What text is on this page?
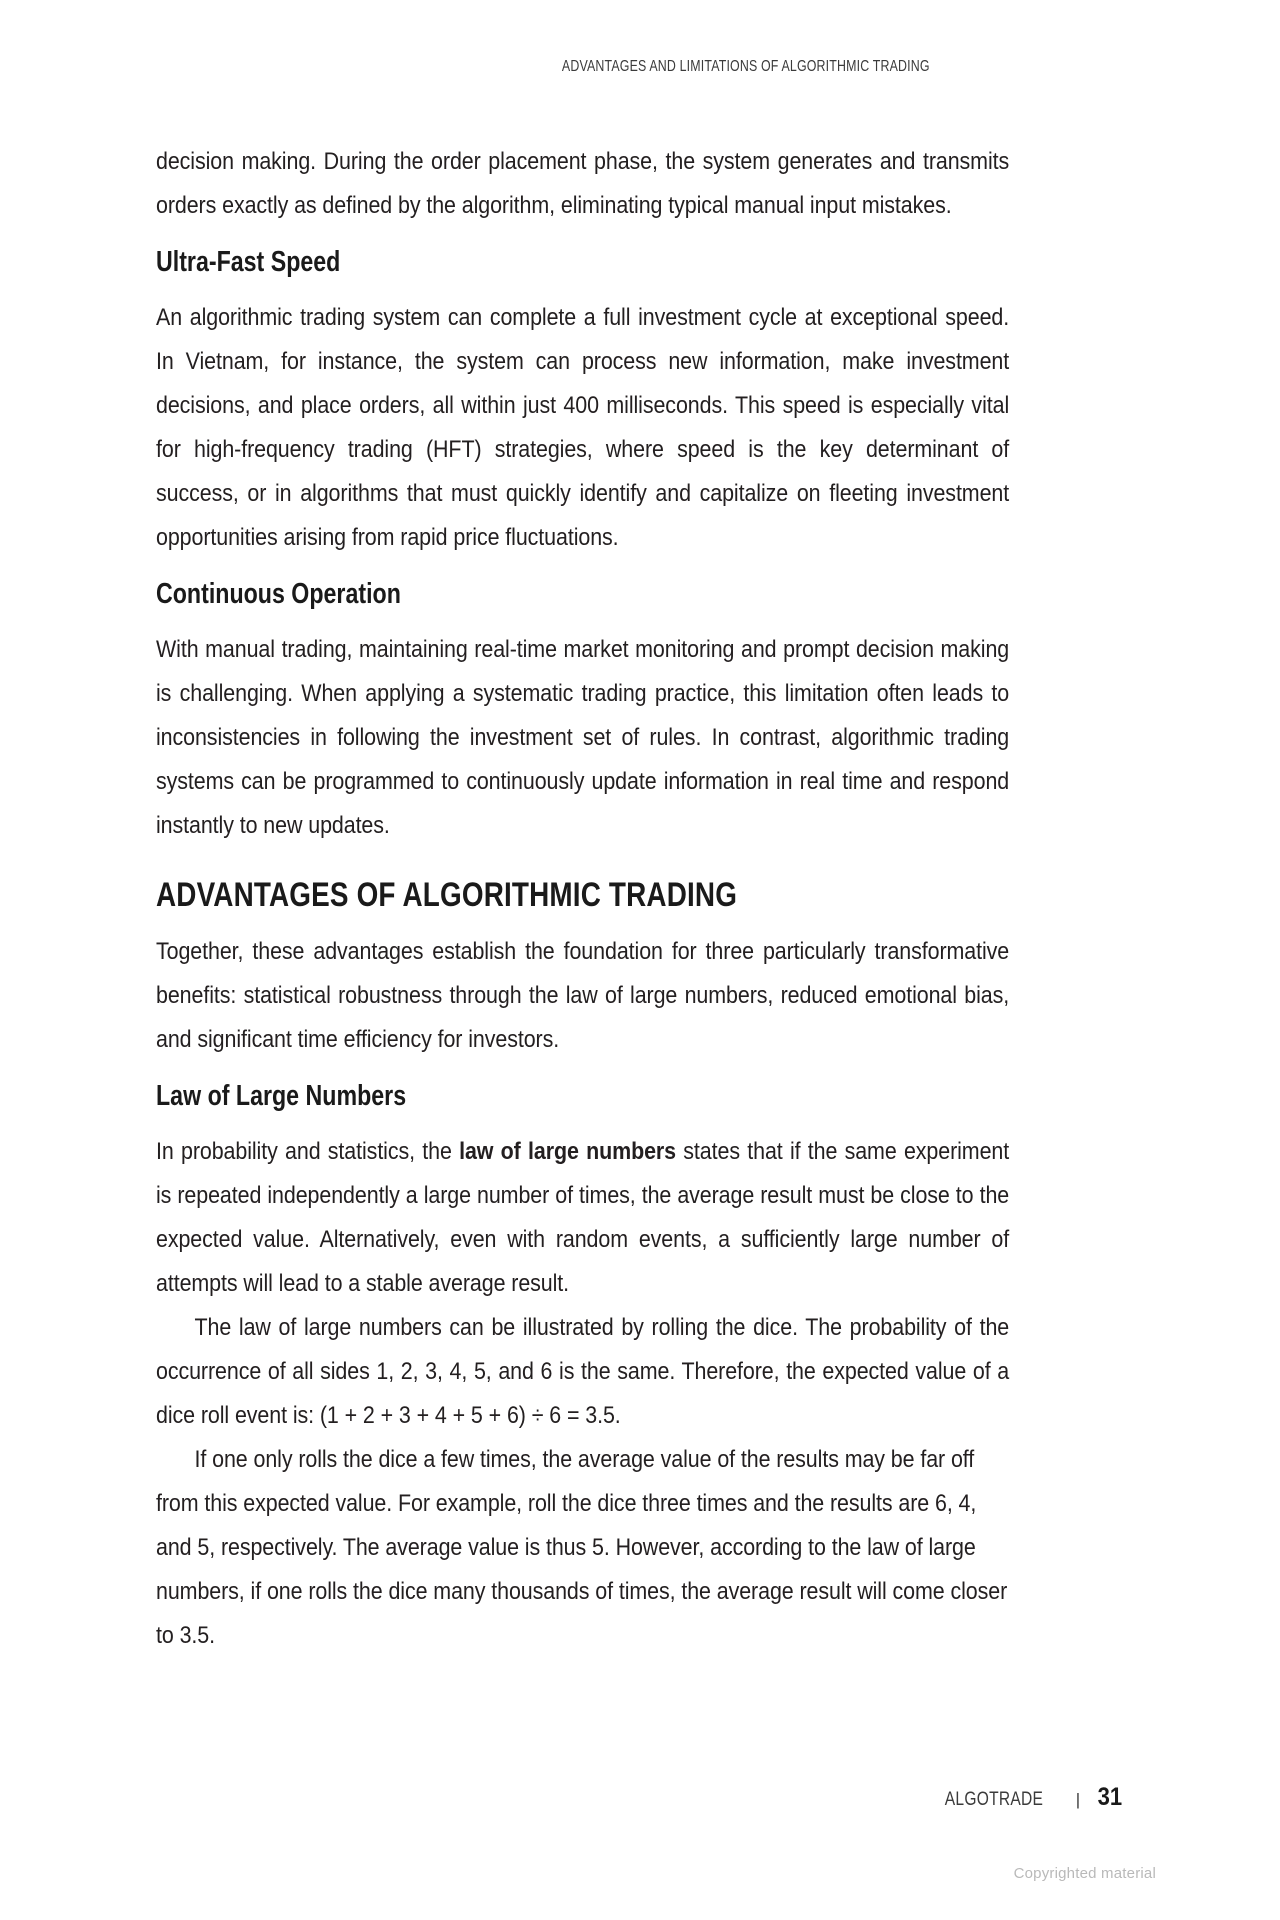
ADVANTAGES AND LIMITATIONS OF ALGORITHMIC TRADING

decision making. During the order placement phase, the system generates and transmits orders exactly as defined by the algorithm, eliminating typical manual input mistakes.

Ultra-Fast Speed

An algorithmic trading system can complete a full investment cycle at exceptional speed. In Vietnam, for instance, the system can process new information, make investment decisions, and place orders, all within just 400 milliseconds. This speed is especially vital for high-frequency trading (HFT) strategies, where speed is the key determinant of success, or in algorithms that must quickly identify and capitalize on fleeting investment opportunities arising from rapid price fluctuations.

Continuous Operation

With manual trading, maintaining real-time market monitoring and prompt decision making is challenging. When applying a systematic trading practice, this limitation often leads to inconsistencies in following the investment set of rules. In contrast, algorithmic trading systems can be programmed to continuously update information in real time and respond instantly to new updates.

ADVANTAGES OF ALGORITHMIC TRADING

Together, these advantages establish the foundation for three particularly transformative benefits: statistical robustness through the law of large numbers, reduced emotional bias, and significant time efficiency for investors.

Law of Large Numbers

In probability and statistics, the law of large numbers states that if the same experiment is repeated independently a large number of times, the average result must be close to the expected value. Alternatively, even with random events, a sufficiently large number of attempts will lead to a stable average result.

The law of large numbers can be illustrated by rolling the dice. The probability of the occurrence of all sides 1, 2, 3, 4, 5, and 6 is the same. Therefore, the expected value of a dice roll event is: (1 + 2 + 3 + 4 + 5 + 6) ÷ 6 = 3.5.

If one only rolls the dice a few times, the average value of the results may be far off from this expected value. For example, roll the dice three times and the results are 6, 4, and 5, respectively. The average value is thus 5. However, according to the law of large numbers, if one rolls the dice many thousands of times, the average result will come closer to 3.5.

ALGOTRADE | 31
Copyrighted material
